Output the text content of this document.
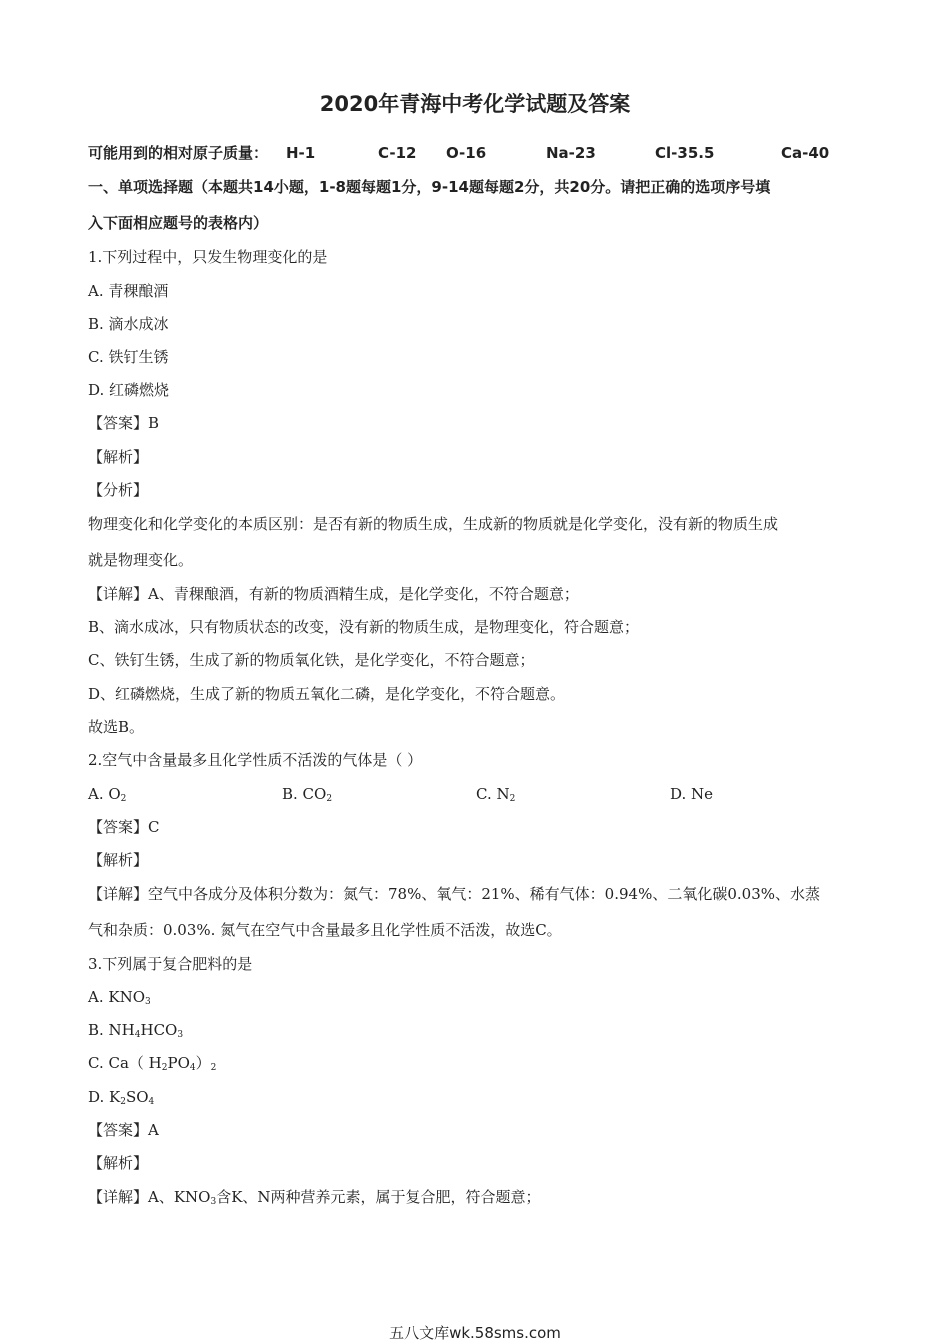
2020年青海中考化学试题及答案
可能用到的相对原子质量： H-1	C-12 O-16	Na-23	Cl-35.5	Ca-40
一、单项选择题（本题共14小题，1-8题每题1分，9-14题每题2分，共20分。请把正确的选项序号填
入下面相应题号的表格内）
1.下列过程中，只发生物理变化的是
A. 青稞酿酒
B. 滴水成冰
C. 铁钉生锈
D. 红磷燃烧
【答案】B
【解析】
【分析】
物理变化和化学变化的本质区别：是否有新的物质生成，生成新的物质就是化学变化，没有新的物质生成
就是物理变化。
【详解】A、青稞酿酒，有新的物质酒精生成，是化学变化，不符合题意；
B、滴水成冰，只有物质状态的改变，没有新的物质生成，是物理变化，符合题意；
C、铁钉生锈，生成了新的物质氧化铁，是化学变化，不符合题意；
D、红磷燃烧，生成了新的物质五氧化二磷，是化学变化，不符合题意。
故选B。
2.空气中含量最多且化学性质不活泼的气体是（ ）
A. $O_2$	B. $CO_2$	C. $N_2$	D. Ne
【答案】C
【解析】
【详解】空气中各成分及体积分数为：氮气：78%、氧气：21%、稀有气体：0.94%、二氧化碳0.03%、水蒸
气和杂质：0.03%. 氮气在空气中含量最多且化学性质不活泼，故选C。
3.下列属于复合肥料的是
A. $KNO_3$
B. $NH_4HCO_3$
C. Ca（ $H_2PO_4)_2$
D. $K_2SO_4$
【答案】A
【解析】
【详解】A、$KNO_3$含K、N两种营养元素，属于复合肥，符合题意；
五八文库wk.58sms.com
